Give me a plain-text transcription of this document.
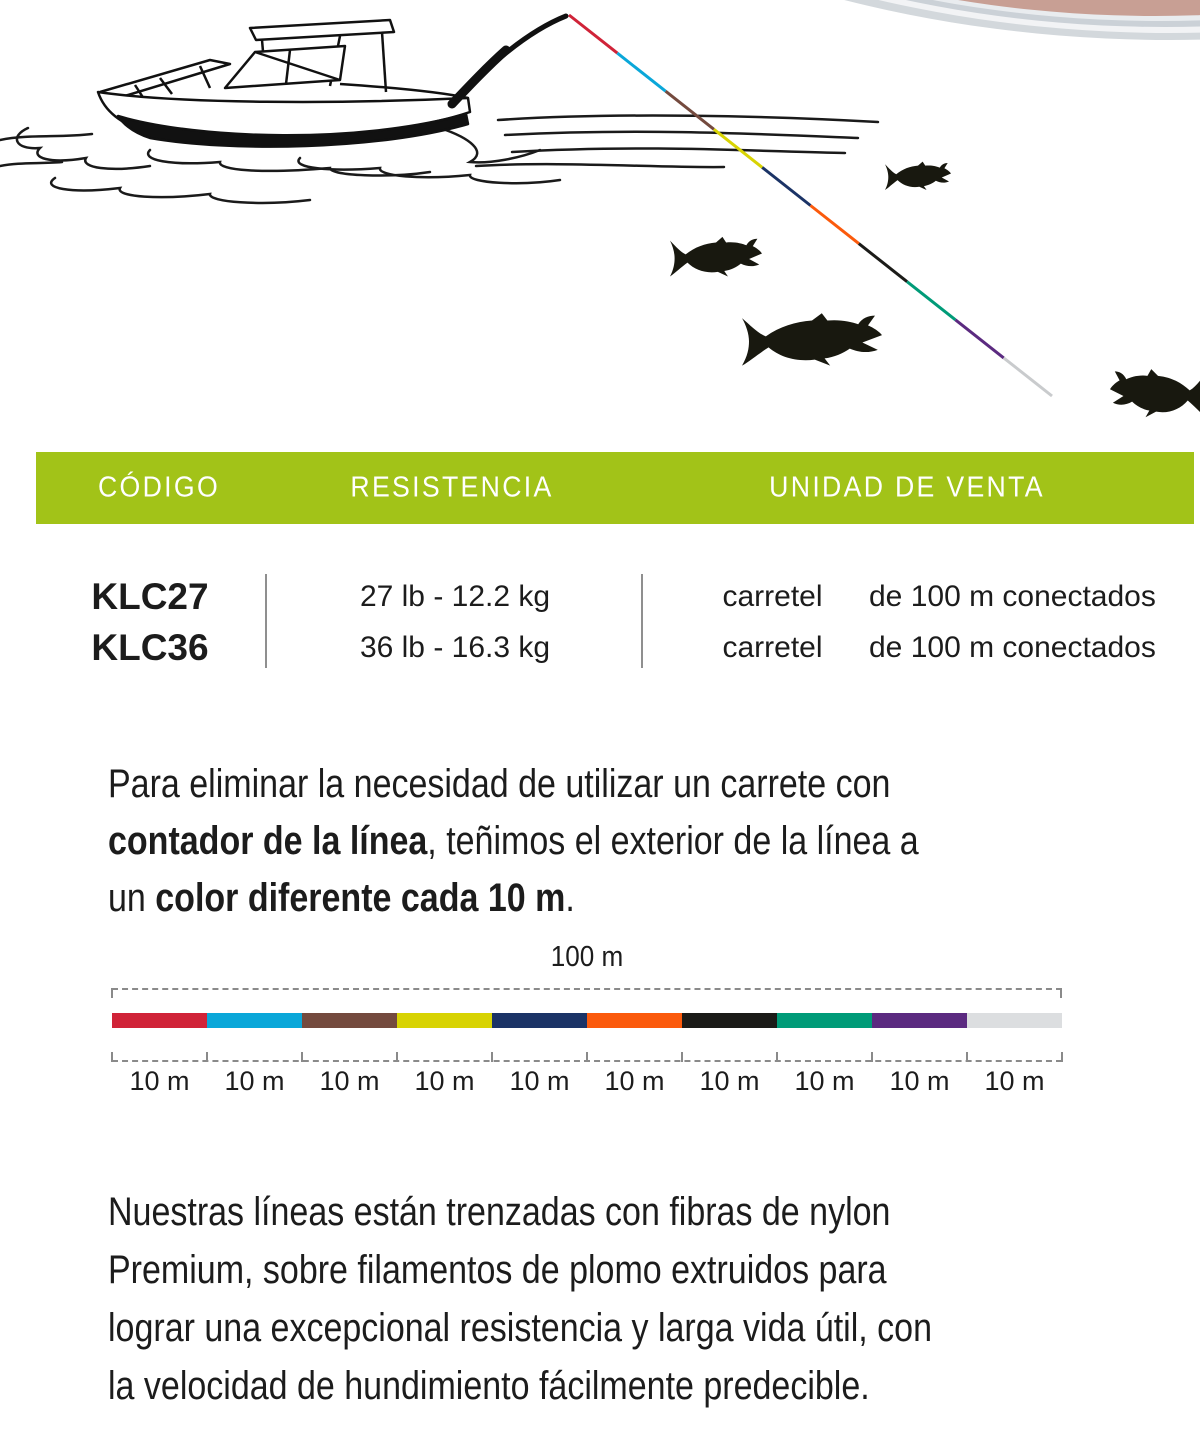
CÓDIGO	RESISTENCIA	UNIDAD DE VENTA
KLC27	27 lb - 12.2 kg	carretel	de 100 m conectados
KLC36	36 lb - 16.3 kg	carretel	de 100 m conectados
Para eliminar la necesidad de utilizar un carrete con
contador de la línea, teñimos el exterior de la línea a
un color diferente cada 10 m.
100 m
10 m	10 m	10 m	10 m	10 m	10 m	10 m	10 m	10 m	10 m
Nuestras líneas están trenzadas con fibras de nylon
Premium, sobre filamentos de plomo extruidos para
lograr una excepcional resistencia y larga vida útil, con
la velocidad de hundimiento fácilmente predecible.
